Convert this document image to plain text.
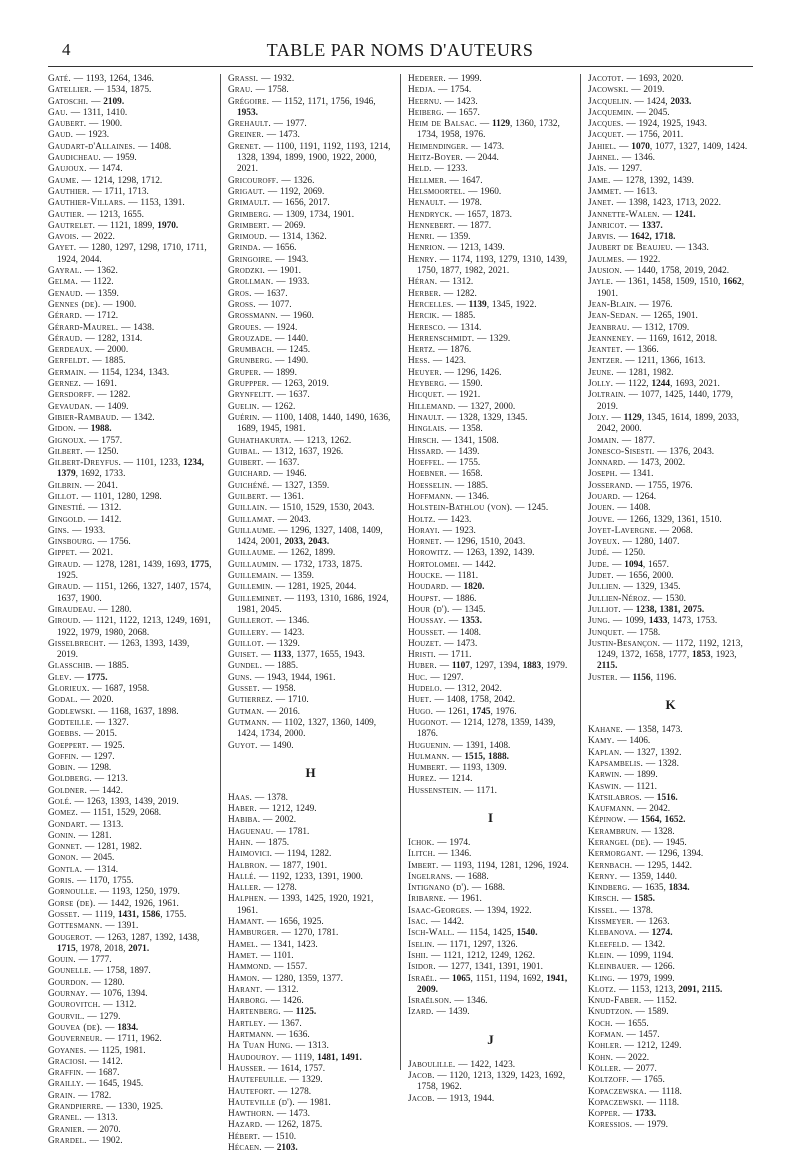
4	TABLE PAR NOMS D'AUTEURS
Gaté. — 1193, 1264, 1346.
Gatellier. — 1534, 1875.
Gatoschi. — 2109.
Gau. — 1311, 1410.
Gaubert. — 1900.
Gaud. — 1923.
Gaudart-d'Allaines. — 1408.
Gaudicheau. — 1959.
Gaujoux. — 1474.
Gaume. — 1214, 1298, 1712.
Gauthier. — 1711, 1713.
Gauthier-Villars. — 1153, 1391.
Gautier. — 1213, 1655.
Gautrelet. — 1121, 1899, 1970.
Gavois. — 2022.
Gayet. — 1280, 1297, 1298, 1710, 1711, 1924, 2044.
Gayral. — 1362.
Gelma. — 1122.
Genaud. — 1359.
Gennes (de). — 1900.
Gérard. — 1712.
Gérard-Maurel. — 1438.
Géraud. — 1282, 1314.
Gerdeaux. — 2000.
Gerfeldt. — 1885.
Germain. — 1154, 1234, 1343.
Gernez. — 1691.
Gersdorff. — 1282.
Gevaudan. — 1409.
Gibier-Rambaud. — 1342.
Gidon. — 1988.
Gignoux. — 1757.
Gilbert. — 1250.
Gilbert-Dreyfus. — 1101, 1233, 1234, 1379, 1692, 1733.
Gilbrin. — 2041.
Gillot. — 1101, 1280, 1298.
Ginestié. — 1312.
Gingold. — 1412.
Gins. — 1933.
Ginsbourg. — 1756.
Gippet. — 2021.
Giraud. — 1278, 1281, 1439, 1693, 1775, 1925.
Giraud. — 1151, 1266, 1327, 1407, 1574, 1637, 1900.
Giraudeau. — 1280.
Giroud. — 1121, 1122, 1213, 1249, 1691, 1922, 1979, 1980, 2068.
Gisselbrecht. — 1263, 1393, 1439, 2019.
Glasschib. — 1885.
Glev. — 1775.
Glorieux. — 1687, 1958.
Godal. — 2020.
Godlewski. — 1168, 1637, 1898.
Godteille. — 1327.
Goebbs. — 2015.
Goeppert. — 1925.
Goffin. — 1297.
Gobin. — 1298.
Goldberg. — 1213.
Goldner. — 1442.
Golé. — 1263, 1393, 1439, 2019.
Gomez. — 1151, 1529, 2068.
Gondart. — 1313.
Gonin. — 1281.
Gonnet. — 1281, 1982.
Gonon. — 2045.
Gontla. — 1314.
Goris. — 1170, 1755.
Gornoulle. — 1193, 1250, 1979.
Gorse (de). — 1442, 1926, 1961.
Gosset. — 1119, 1431, 1586, 1755.
Gottesmann. — 1391.
Gougerot. — 1263, 1287, 1392, 1438, 1715, 1978, 2018, 2071.
Gouin. — 1777.
Gounelle. — 1758, 1897.
Gourdon. — 1280.
Gournay. — 1076, 1394.
Gourovitch. — 1312.
Gourvil. — 1279.
Gouvea (de). — 1834.
Gouverneur. — 1711, 1962.
Goyanes. — 1125, 1981.
Graciosi. — 1412.
Graffin. — 1687.
Grailly. — 1645, 1945.
Grain. — 1782.
Grandpierre. — 1330, 1925.
Granel. — 1313.
Granier. — 2070.
Grardel. — 1902.
Grassi. — 1932.
Grau. — 1758.
Grégoire. — 1152, 1171, 1756, 1946, 1953.
Grehault. — 1977.
Greiner. — 1473.
Grenet. — 1100, 1191, 1192, 1193, 1214, 1328, 1394, 1899, 1900, 1922, 2000, 2021.
Gricouroff. — 1326.
Grigaut. — 1192, 2069.
Grimault. — 1656, 2017.
Grimberg. — 1309, 1734, 1901.
Grimbert. — 2069.
Grimoud. — 1314, 1362.
Grinda. — 1656.
Gringoire. — 1943.
Grodzki. — 1901.
Grollman. — 1933.
Gros. — 1637.
Gross. — 1077.
Grossmann. — 1960.
Groues. — 1924.
Grouzade. — 1440.
Grumbach. — 1245.
Grunberg. — 1490.
Gruper. — 1899.
Gruppper. — 1263, 2019.
Grynfeltt. — 1637.
Guelin. — 1262.
Guérin. — 1100, 1408, 1440, 1490, 1636, 1689, 1945, 1981.
Guhathakurta. — 1213, 1262.
Guibal. — 1312, 1637, 1926.
Guibert. — 1637.
Guichard. — 1946.
Guichéné. — 1327, 1359.
Guilbert. — 1361.
Guillain. — 1510, 1529, 1530, 2043.
Guillamat. — 2043.
Guillaume. — 1296, 1327, 1408, 1409, 1424, 2001, 2033, 2043.
Guillaume. — 1262, 1899.
Guillaumin. — 1732, 1733, 1875.
Guillemain. — 1359.
Guillemin. — 1281, 1925, 2044.
Guilleminet. — 1193, 1310, 1686, 1924, 1981, 2045.
Guillerot. — 1346.
Guillery. — 1423.
Guillot. — 1329.
Guiset. — 1133, 1377, 1655, 1943.
Gundel. — 1885.
Guns. — 1943, 1944, 1961.
Gusset. — 1958.
Gutierrez. — 1710.
Gutman. — 2016.
Gutmann. — 1102, 1327, 1360, 1409, 1424, 1734, 2000.
Guyot. — 1490.
H
Haas. — 1378.
Haber. — 1212, 1249.
Habiba. — 2002.
Haguenau. — 1781.
Hahn. — 1875.
Haimovici. — 1194, 1282.
Halbron. — 1877, 1901.
Hallé. — 1192, 1233, 1391, 1900.
Haller. — 1278.
Halphen. — 1393, 1425, 1920, 1921, 1961.
Hamant. — 1656, 1925.
Hamburger. — 1270, 1781.
Hamel. — 1341, 1423.
Hamet. — 1101.
Hammond. — 1557.
Hamon. — 1280, 1359, 1377.
Harant. — 1312.
Harborg. — 1426.
Hartenberg. — 1125.
Hartley. — 1367.
Hartmann. — 1636.
Ha Tuan Hung. — 1313.
Haudouroy. — 1119, 1481, 1491.
Hausser. — 1614, 1757.
Hautefeuille. — 1329.
Hautefort. — 1278.
Hauteville (d'). — 1981.
Hawthorn. — 1473.
Hazard. — 1262, 1875.
Hébert. — 1510.
Hécaen. — 2103.
Hederer. — 1999.
Hedja. — 1754.
Heernu. — 1423.
Heiberg. — 1657.
Heim de Balsac. — 1129, 1360, 1732, 1734, 1958, 1976.
Heimendinger. — 1473.
Heitz-Boyer. — 2044.
Held. — 1233.
Hellmer. — 1647.
Helsmoortel. — 1960.
Henault. — 1978.
Hendryck. — 1657, 1873.
Hennebert. — 1877.
Henri. — 1359.
Henrion. — 1213, 1439.
Henry. — 1174, 1193, 1279, 1310, 1439, 1750, 1877, 1982, 2021.
Héran. — 1312.
Herber. — 1282.
Hercelles. — 1139, 1345, 1922.
Hercik. — 1885.
Heresco. — 1314.
Herrenschmidt. — 1329.
Hertz. — 1876.
Hess. — 1423.
Heuyer. — 1296, 1426.
Heyberg. — 1590.
Hicquet. — 1921.
Hillemand. — 1327, 2000.
Hinault. — 1328, 1329, 1345.
Hinglais. — 1358.
Hirsch. — 1341, 1508.
Hissard. — 1439.
Hoeffel. — 1755.
Hoebner. — 1658.
Hoesselin. — 1885.
Hoffmann. — 1346.
Holstein-Bathlou (von). — 1245.
Holtz. — 1423.
Horayi. — 1923.
Hornet. — 1296, 1510, 2043.
Horowitz. — 1263, 1392, 1439.
Hortolomei. — 1442.
Houcke. — 1181.
Houdard. — 1820.
Houpst. — 1886.
Hour (d'). — 1345.
Houssay. — 1353.
Housset. — 1408.
Houzet. — 1473.
Hristi. — 1711.
Huber. — 1107, 1297, 1394, 1883, 1979.
Huc. — 1297.
Hudelo. — 1312, 2042.
Huet. — 1408, 1758, 2042.
Hugo. — 1261, 1745, 1976.
Hugonot. — 1214, 1278, 1359, 1439, 1876.
Huguenin. — 1391, 1408.
Hulmann. — 1515, 1888.
Humbert. — 1193, 1309.
Hurez. — 1214.
Hussenstein. — 1171.
I
Ichok. — 1974.
Ilitch. — 1346.
Imbert. — 1193, 1194, 1281, 1296, 1924.
Ingelrans. — 1688.
Intignano (d'). — 1688.
Iribarne. — 1961.
Isaac-Georges. — 1394, 1922.
Isac. — 1442.
Isch-Wall. — 1154, 1425, 1540.
Iselin. — 1171, 1297, 1326.
Ishii. — 1121, 1212, 1249, 1262.
Isidor. — 1277, 1341, 1391, 1901.
Israël. — 1065, 1151, 1194, 1692, 1941, 2009.
Israëlson. — 1346.
Izard. — 1439.
J
Jaboulille. — 1422, 1423.
Jacob. — 1120, 1213, 1329, 1423, 1692, 1758, 1962.
Jacob. — 1913, 1944.
Jacotot. — 1693, 2020.
Jacowski. — 2019.
Jacquelin. — 1424, 2033.
Jacquemin. — 2045.
Jacques. — 1924, 1925, 1943.
Jacquet. — 1756, 2011.
Jahiel. — 1070, 1077, 1327, 1409, 1424.
Jahnel. — 1346.
Jaïs. — 1297.
Jame. — 1278, 1392, 1439.
Jammet. — 1613.
Janet. — 1398, 1423, 1713, 2022.
Jannette-Walen. — 1241.
Janricot. — 1337.
Jarvis. — 1642, 1718.
Jaubert de Beaujeu. — 1343.
Jaulmes. — 1922.
Jausion. — 1440, 1758, 2019, 2042.
Jayle. — 1361, 1458, 1509, 1510, 1662, 1901.
Jean-Blain. — 1976.
Jean-Sedan. — 1265, 1901.
Jeanbrau. — 1312, 1709.
Jeanneney. — 1169, 1612, 2018.
Jeantet. — 1366.
Jentzer. — 1211, 1366, 1613.
Jeune. — 1281, 1982.
Jolly. — 1122, 1244, 1693, 2021.
Joltrain. — 1077, 1425, 1440, 1779, 2019.
Joly. — 1129, 1345, 1614, 1899, 2033, 2042, 2000.
Jomain. — 1877.
Jonesco-Sisesti. — 1376, 2043.
Jonnard. — 1473, 2002.
Joseph. — 1341.
Josserand. — 1755, 1976.
Jouard. — 1264.
Jouen. — 1408.
Jouve. — 1266, 1329, 1361, 1510.
Joyet-Lavergne. — 2068.
Joyeux. — 1280, 1407.
Judé. — 1250.
Jude. — 1094, 1657.
Judet. — 1656, 2000.
Jullien. — 1329, 1345.
Jullien-Néroz. — 1530.
Julliot. — 1238, 1381, 2075.
Jung. — 1099, 1433, 1473, 1753.
Junquet. — 1758.
Justin-Besançon. — 1172, 1192, 1213, 1249, 1372, 1658, 1777, 1853, 1923, 2115.
Juster. — 1156, 1196.
K
Kahane. — 1358, 1473.
Kamy. — 1406.
Kaplan. — 1327, 1392.
Kapsambelis. — 1328.
Karwin. — 1899.
Kaswin. — 1121.
Katsilabros. — 1516.
Kaufmann. — 2042.
Képinow. — 1564, 1652.
Kerambrun. — 1328.
Kerangel (de). — 1945.
Kermorgant. — 1296, 1394.
Kernbach. — 1295, 1442.
Kerny. — 1359, 1440.
Kindberg. — 1635, 1834.
Kirsch. — 1585.
Kissel. — 1378.
Kissmeyer. — 1263.
Klebanova. — 1274.
Kleefeld. — 1342.
Klein. — 1099, 1194.
Kleinbauer. — 1266.
Kling. — 1979, 1999.
Klotz. — 1153, 1213, 2091, 2115.
Knud-Faber. — 1152.
Knudtzon. — 1589.
Koch. — 1655.
Kofman. — 1457.
Kohler. — 1212, 1249.
Kohn. — 2022.
Köller. — 2077.
Koltzoff. — 1765.
Kopaczewska. — 1118.
Kopaczewski. — 1118.
Kopper. — 1733.
Koressios. — 1979.
